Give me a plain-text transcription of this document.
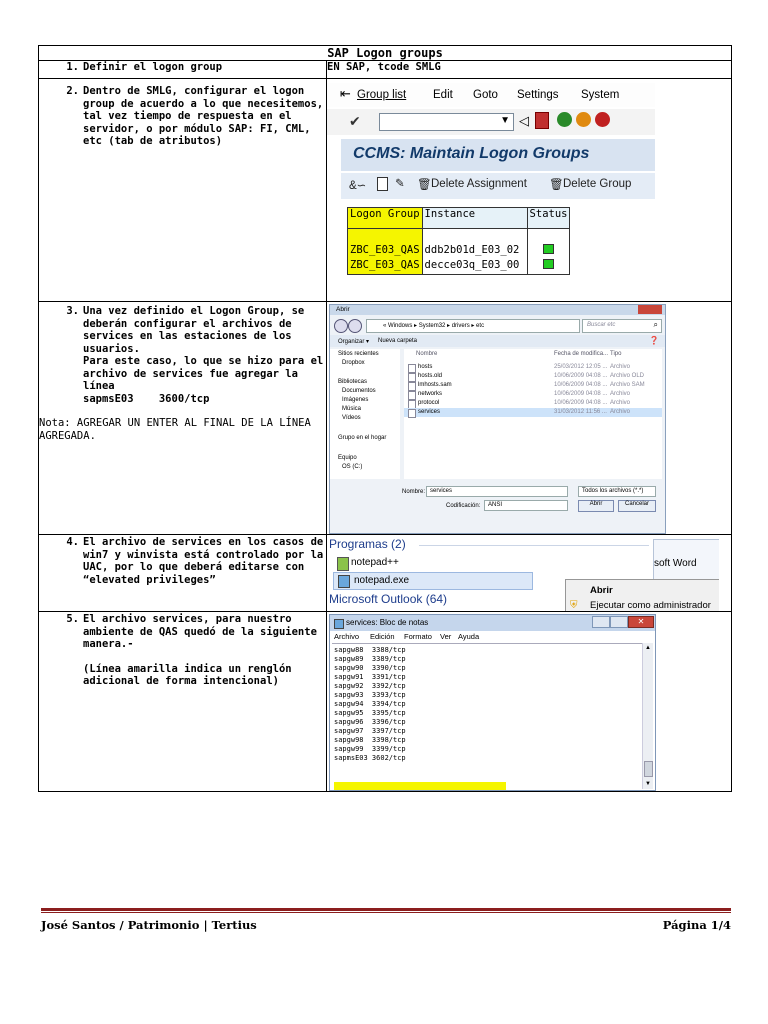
SAP Logon groups

1. Definir el logon group	EN SAP, tcode SMLG

2. Dentro de SMLG, configurar el logon group de acuerdo a lo que necesitemos, tal vez tiempo de respuesta en el servidor, o por módulo SAP: FI, CML, etc (tab de atributos)

⇤ Group list Edit Goto Settings System
✔	▼ ◁
CCMS: Maintain Logon Groups
&∽ ✎ 🗑 Delete Assignment 🗑 Delete Group
Logon Group	Instance	Status

ZBC_E03_QAS	ddb2b01d_E03_02	
ZBC_E03_QAS	decce03q_E03_00	

3. Una vez definido el Logon Group, se deberán configurar el archivos de services en las estaciones de los usuarios.
Para este caso, lo que se hizo para el archivo de services fue agregar la línea
sapmsE03    3600/tcp
Nota: AGREGAR UN ENTER AL FINAL DE LA LÍNEA AGREGADA.

Abrir
« Windows ▸ System32 ▸ drivers ▸ etc	Buscar etc	⌕
Organizar ▾ Nueva carpeta	❓
Sitios recientes
Dropbox
Bibliotecas
Documentos
Imágenes
Música
Vídeos
Grupo en el hogar
Equipo
OS (C:)
Nombre	Fecha de modifica... Tipo
hosts	25/03/2012 12:05 ... Archivo
hosts.old	10/06/2009 04:08 ... Archivo OLD
lmhosts.sam	10/06/2009 04:08 ... Archivo SAM
networks	10/06/2009 04:08 ... Archivo
protocol	10/06/2009 04:08 ... Archivo
services	31/03/2012 11:56 ... Archivo
Nombre: services	Todos los archivos (*.*)
Codificación: ANSI	Abrir	Cancelar

4. El archivo de services en los casos de win7 y winvista está controlado por la UAC, por lo que deberá editarse con “elevated privileges”

Programas (2)
notepad++
notepad.exe
Microsoft Outlook (64)
soft Word
Abrir
⛨ Ejecutar como administrador

5. El archivo services, para nuestro ambiente de QAS quedó de la siguiente manera.-
(Línea amarilla indica un renglón adicional de forma intencional)

services: Bloc de notas	✕
Archivo Edición Formato Ver Ayuda
sapgw88  3388/tcp
sapgw89  3389/tcp
sapgw90  3390/tcp
sapgw91  3391/tcp
sapgw92  3392/tcp
sapgw93  3393/tcp
sapgw94  3394/tcp
sapgw95  3395/tcp
sapgw96  3396/tcp
sapgw97  3397/tcp
sapgw98  3398/tcp
sapgw99  3399/tcp
sapmsE03 3602/tcp
▲
▼
José Santos / Patrimonio | Tertius	Página 1/4
